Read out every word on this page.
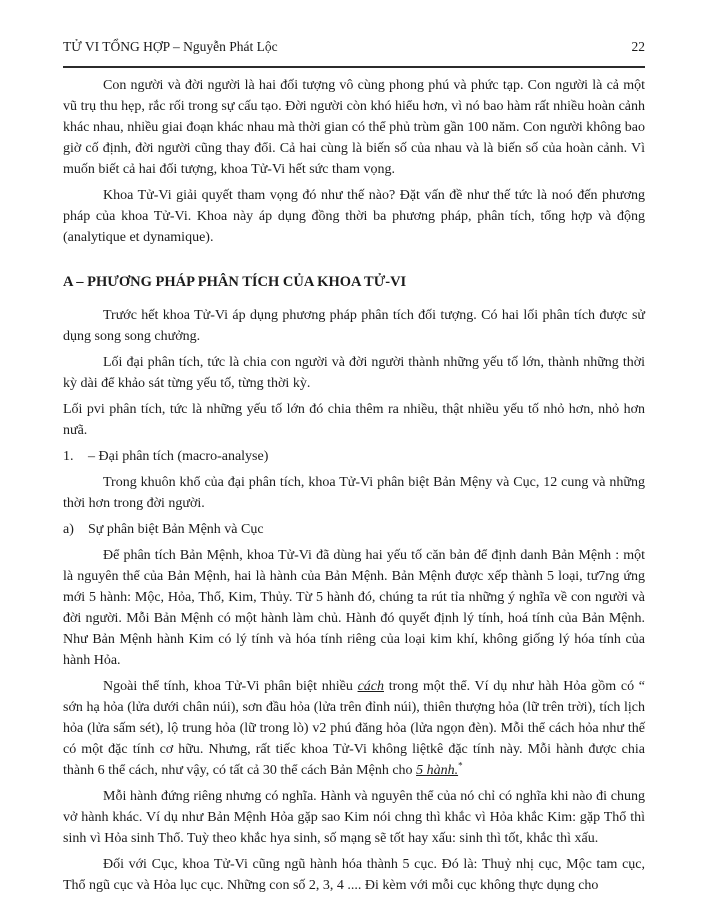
TỬ VI TỔNG HỢP – Nguyễn Phát Lộc	22

Con người và đời người là hai đối tượng vô cùng phong phú và phức tạp. Con người là cả một vũ trụ thu hẹp, rắc rối trong sự cấu tạo. Đời người còn khó hiểu hơn, vì nó bao hàm rất nhiều hoàn cảnh khác nhau, nhiều giai đoạn khác nhau mà thời gian có thể phủ trùm gần 100 năm. Con người không bao giờ cố định, đời người cũng thay đổi. Cả hai cùng là biến số của nhau và là biến số của hoàn cảnh. Vì muốn biết cả hai đối tượng, khoa Tử-Vi hết sức tham vọng.

Khoa Tử-Vi giải quyết tham vọng đó như thế nào? Đặt vấn đề như thế tức là noó đến phương pháp của khoa Tử-Vi. Khoa này áp dụng đồng thời ba phương pháp, phân tích, tổng hợp và động (analytique et dynamique).

A – PHƯƠNG PHÁP PHÂN TÍCH CỦA KHOA TỬ-VI

Trước hết khoa Tử-Vi áp dụng phương pháp phân tích đối tượng. Có hai lối phân tích được sử dụng song song chưởng.

Lối đại phân tích, tức là chia con người và đời người thành những yếu tố lớn, thành những thời kỳ dài để khảo sát từng yếu tố, từng thời kỳ.

Lối pvi phân tích, tức là những yếu tố lớn đó chia thêm ra nhiều, thật nhiều yếu tố nhỏ hơn, nhỏ hơn nưã.

1. – Đại phân tích (macro-analyse)

Trong khuôn khổ của đại phân tích, khoa Tử-Vi phân biệt Bản Mệny và Cục, 12 cung và những thời hơn trong đời người.

a) Sự phân biệt Bản Mệnh và Cục

Để phân tích Bản Mệnh, khoa Tử-Vi đã dùng hai yếu tố căn bản để định danh Bản Mệnh : một là nguyên thể của Bản Mệnh, hai là hành của Bản Mệnh. Bản Mệnh được xếp thành 5 loại, tư7ng ứng mới 5 hành: Mộc, Hỏa, Thổ, Kim, Thủy. Từ 5 hành đó, chúng ta rút tỉa những ý nghĩa về con người và đời người. Mỗi Bản Mệnh có một hành làm chủ. Hành đó quyết định lý tính, hoá tính của Bản Mệnh. Như Bản Mệnh hành Kim có lý tính và hóa tính riêng của loại kim khí, không giống lý hóa tính của hành Hỏa.

Ngoài thể tính, khoa Tử-Vi phân biệt nhiều cách trong một thể. Ví dụ như hàh Hỏa gồm có “ sớn hạ hỏa (lửa dưới chân núi), sơn đầu hỏa (lửa trên đỉnh núi), thiên thượng hỏa (lữ trên trời), tích lịch hỏa (lửa sấm sét), lộ trung hỏa (lữ trong lò) v2 phú đăng hỏa (lửa ngọn đèn). Mỗi thể cách hỏa như thế có một đặc tính cơ hữu. Nhưng, rất tiếc khoa Tử-Vi không liệtkê đặc tính này. Mỗi hành được chia thành 6 thể cách, như vậy, có tất cả 30 thể cách Bản Mệnh cho 5 hành.*

Mỗi hành đứng riêng nhưng có nghĩa. Hành và nguyên thể của nó chỉ có nghĩa khi nào đi chung vở hành khác. Ví dụ như Bản Mệnh Hỏa gặp sao Kim nói chng thì khắc vì Hỏa khắc Kim: gặp Thổ thì sinh vì Hỏa sinh Thổ. Tuỳ theo khắc hya sinh, số mạng sẽ tốt hay xấu: sinh thì tốt, khắc thì xấu.

Đối với Cục, khoa Tử-Vi cũng ngũ hành hóa thành 5 cục. Đó là: Thuỷ nhị cục, Mộc tam cục, Thổ ngũ cục và Hỏa lục cục. Những con số 2, 3, 4 .... Đi kèm với mỗi cục không thực dụng cho
